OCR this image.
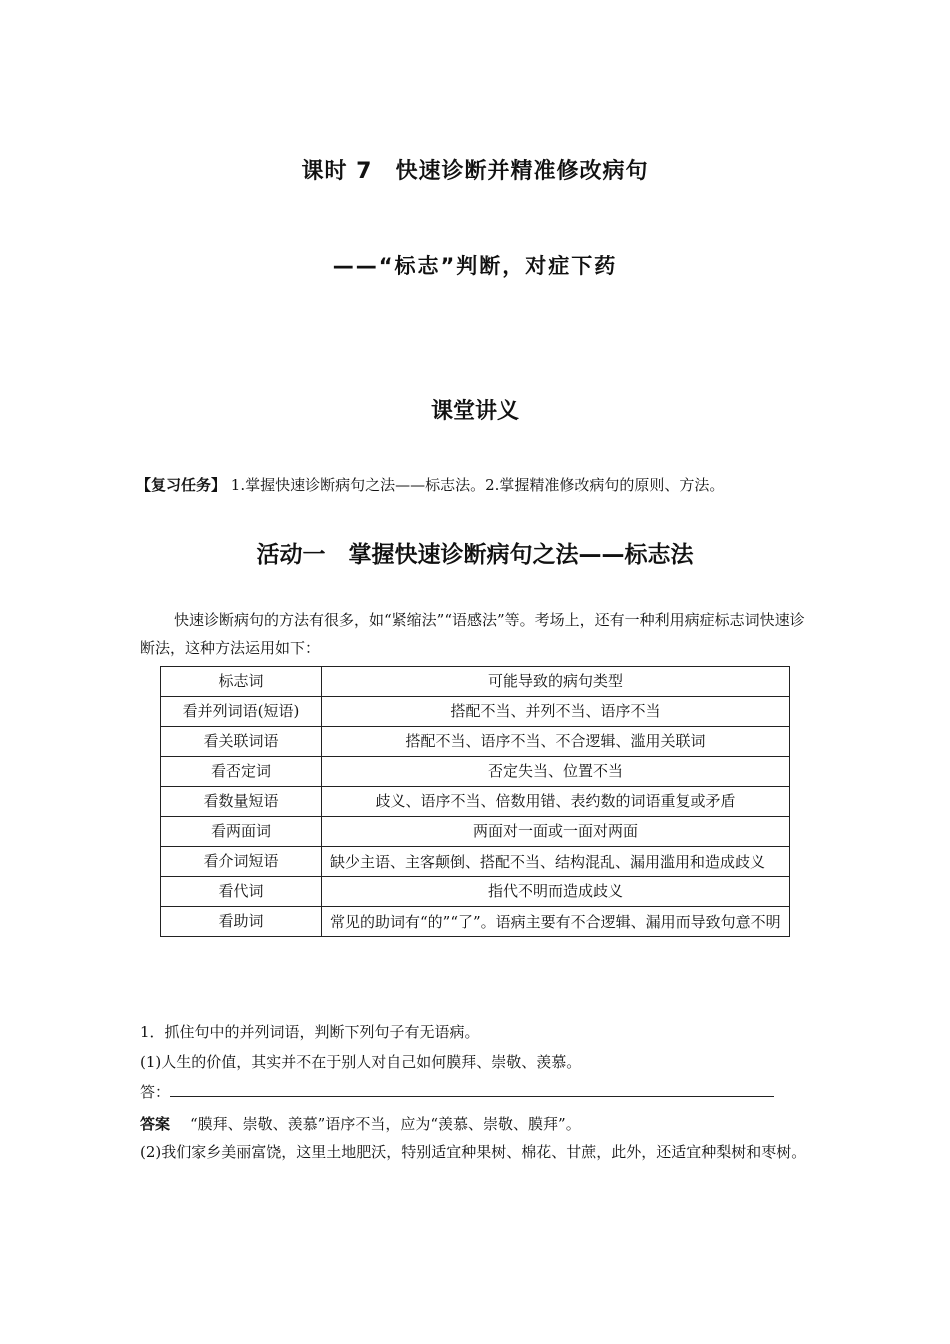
课时 7　快速诊断并精准修改病句
——“标志”判断，对症下药
课堂讲义
【复习任务】 1.掌握快速诊断病句之法——标志法。2.掌握精准修改病句的原则、方法。
活动一　掌握快速诊断病句之法——标志法
快速诊断病句的方法有很多，如“紧缩法”“语感法”等。考场上，还有一种利用病症标志词快速诊断法，这种方法运用如下：
标志词	可能导致的病句类型
看并列词语(短语)	搭配不当、并列不当、语序不当
看关联词语	搭配不当、语序不当、不合逻辑、滥用关联词
看否定词	否定失当、位置不当
看数量短语	歧义、语序不当、倍数用错、表约数的词语重复或矛盾
看两面词	两面对一面或一面对两面
看介词短语	缺少主语、主客颠倒、搭配不当、结构混乱、漏用滥用和造成歧义
看代词	指代不明而造成歧义
看助词	常见的助词有“的”“了”。语病主要有不合逻辑、漏用而导致句意不明
1．抓住句中的并列词语，判断下列句子有无语病。
(1)人生的价值，其实并不在于别人对自己如何膜拜、崇敬、羡慕。
答：
答案 “膜拜、崇敬、羡慕”语序不当，应为“羡慕、崇敬、膜拜”。
(2)我们家乡美丽富饶，这里土地肥沃，特别适宜种果树、棉花、甘蔗，此外，还适宜种梨树和枣树。
